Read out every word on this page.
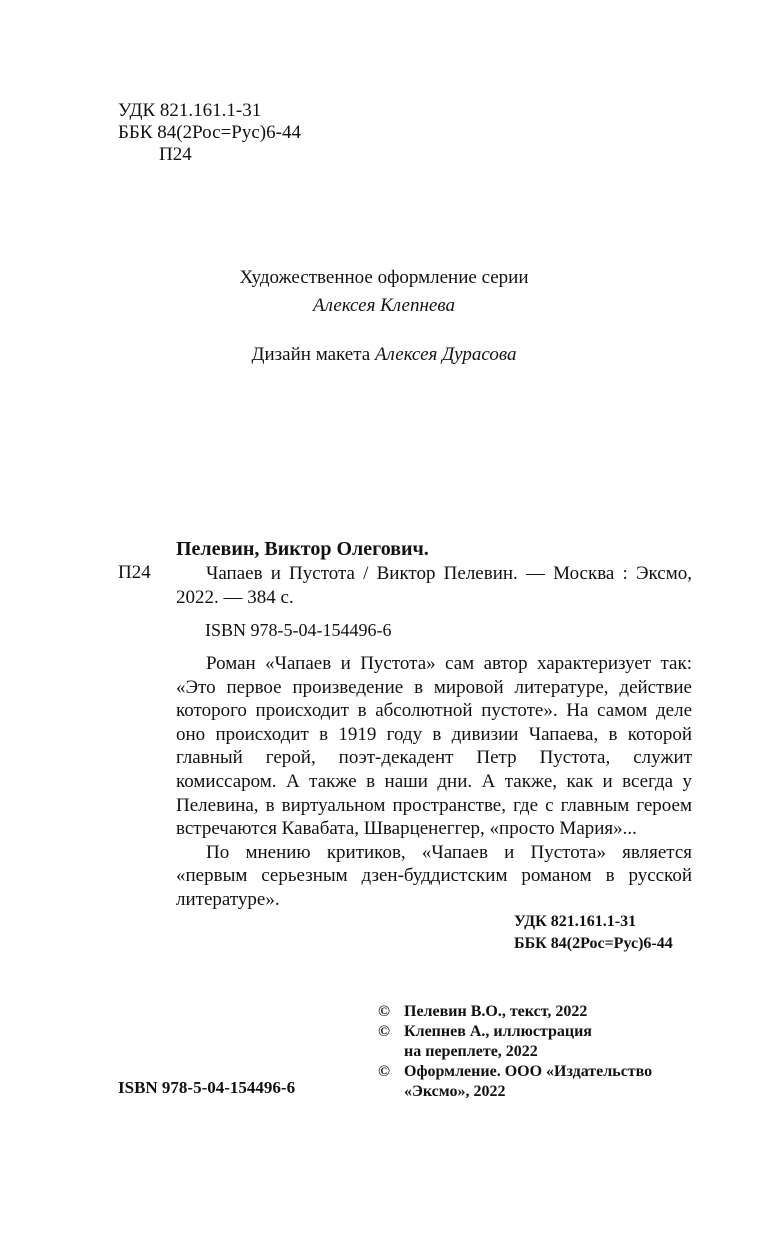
УДК 821.161.1-31
ББК 84(2Рос=Рус)6-44
П24
Художественное оформление серии
Алексея Клепнева
Дизайн макета Алексея Дурасова
Пелевин, Виктор Олегович.
П24	Чапаев и Пустота / Виктор Пелевин. — Москва : Эксмо, 2022. — 384 с.
ISBN 978-5-04-154496-6

Роман «Чапаев и Пустота» сам автор характеризует так: «Это первое произведение в мировой литературе, действие которого происходит в абсолютной пустоте». На самом деле оно происходит в 1919 году в дивизии Чапаева, в которой главный герой, поэт-декадент Петр Пустота, служит комиссаром. А также в наши дни. А также, как и всегда у Пелевина, в виртуальном пространстве, где с главным героем встречаются Кавабата, Шварценеггер, «просто Мария»...

По мнению критиков, «Чапаев и Пустота» является «первым серьезным дзен-буддистским романом в русской литературе».

УДК 821.161.1-31
ББК 84(2Рос=Рус)6-44
© Пелевин В.О., текст, 2022
© Клепнев А., иллюстрация
на переплете, 2022
© Оформление. ООО «Издательство
«Эксмо», 2022
ISBN 978-5-04-154496-6
